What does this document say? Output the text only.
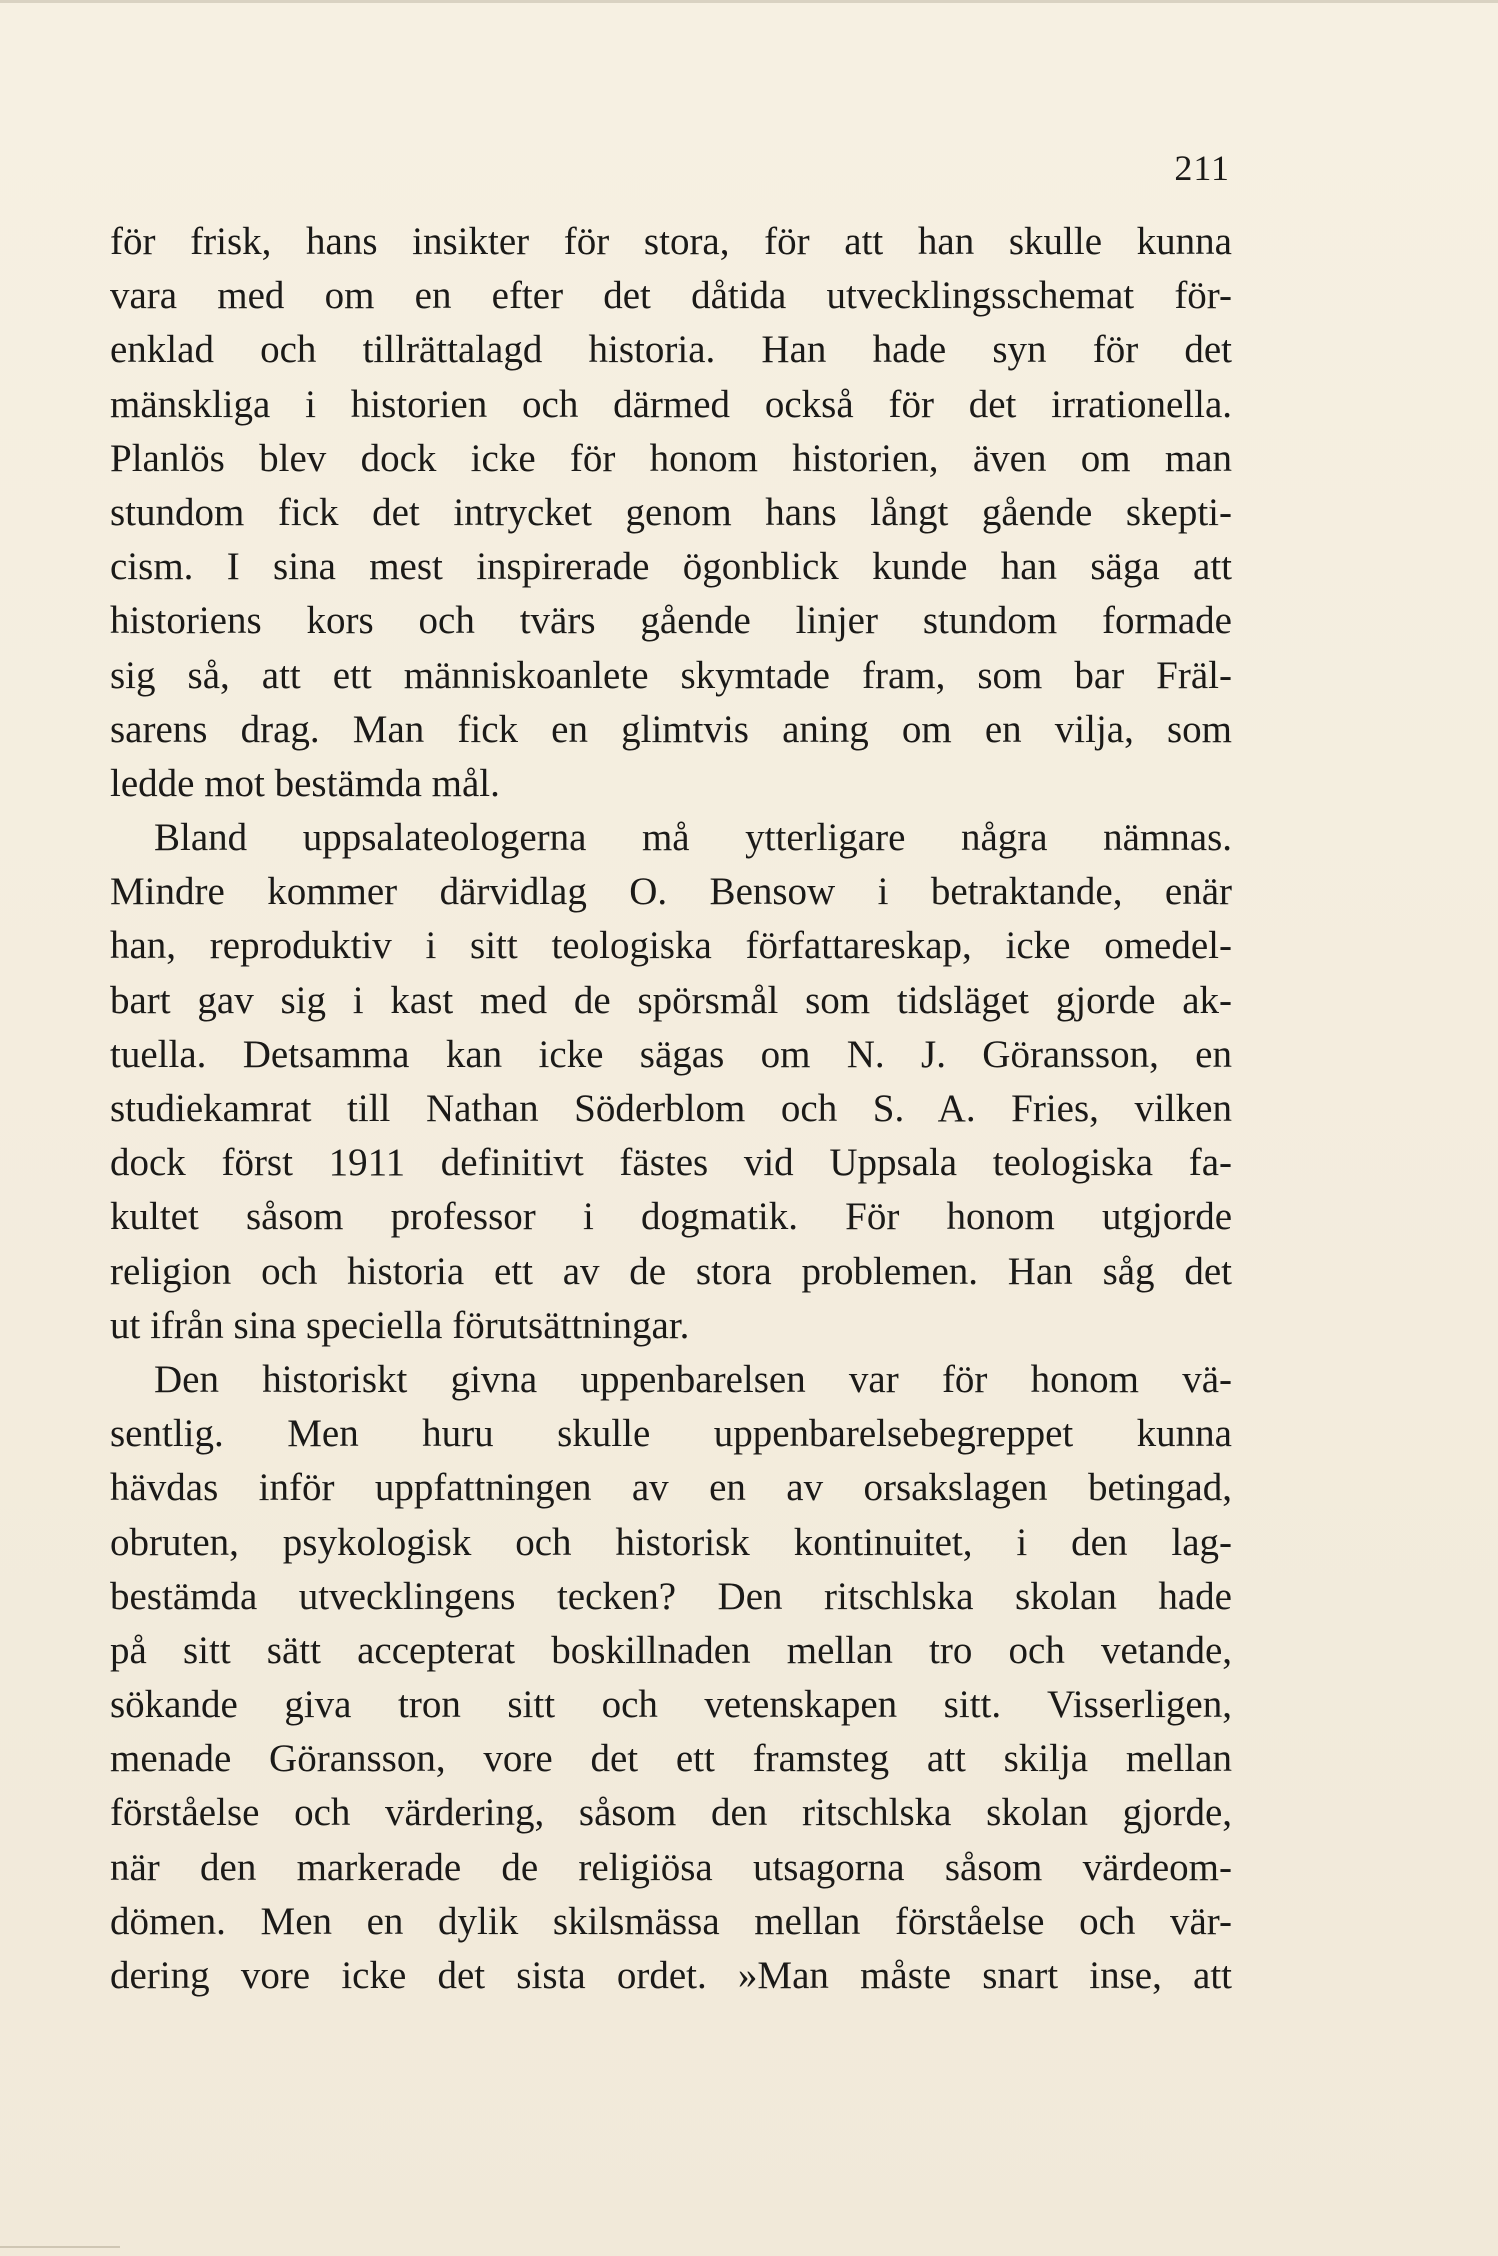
211
för frisk, hans insikter för stora, för att han skulle kunna
vara med om en efter det dåtida utvecklingsschemat för-
enklad och tillrättalagd historia. Han hade syn för det
mänskliga i historien och därmed också för det irrationella.
Planlös blev dock icke för honom historien, även om man
stundom fick det intrycket genom hans långt gående skepti-
cism. I sina mest inspirerade ögonblick kunde han säga att
historiens kors och tvärs gående linjer stundom formade
sig så, att ett människoanlete skymtade fram, som bar Fräl-
sarens drag. Man fick en glimtvis aning om en vilja, som
ledde mot bestämda mål.
Bland uppsalateologerna må ytterligare några nämnas.
Mindre kommer därvidlag O. Bensow i betraktande, enär
han, reproduktiv i sitt teologiska författareskap, icke omedel-
bart gav sig i kast med de spörsmål som tidsläget gjorde ak-
tuella. Detsamma kan icke sägas om N. J. Göransson, en
studiekamrat till Nathan Söderblom och S. A. Fries, vilken
dock först 1911 definitivt fästes vid Uppsala teologiska fa-
kultet såsom professor i dogmatik. För honom utgjorde
religion och historia ett av de stora problemen. Han såg det
ut ifrån sina speciella förutsättningar.
Den historiskt givna uppenbarelsen var för honom vä-
sentlig. Men huru skulle uppenbarelsebegreppet kunna
hävdas inför uppfattningen av en av orsakslagen betingad,
obruten, psykologisk och historisk kontinuitet, i den lag-
bestämda utvecklingens tecken? Den ritschlska skolan hade
på sitt sätt accepterat boskillnaden mellan tro och vetande,
sökande giva tron sitt och vetenskapen sitt. Visserligen,
menade Göransson, vore det ett framsteg att skilja mellan
förståelse och värdering, såsom den ritschlska skolan gjorde,
när den markerade de religiösa utsagorna såsom värdeom-
dömen. Men en dylik skilsmässa mellan förståelse och vär-
dering vore icke det sista ordet. »Man måste snart inse, att
